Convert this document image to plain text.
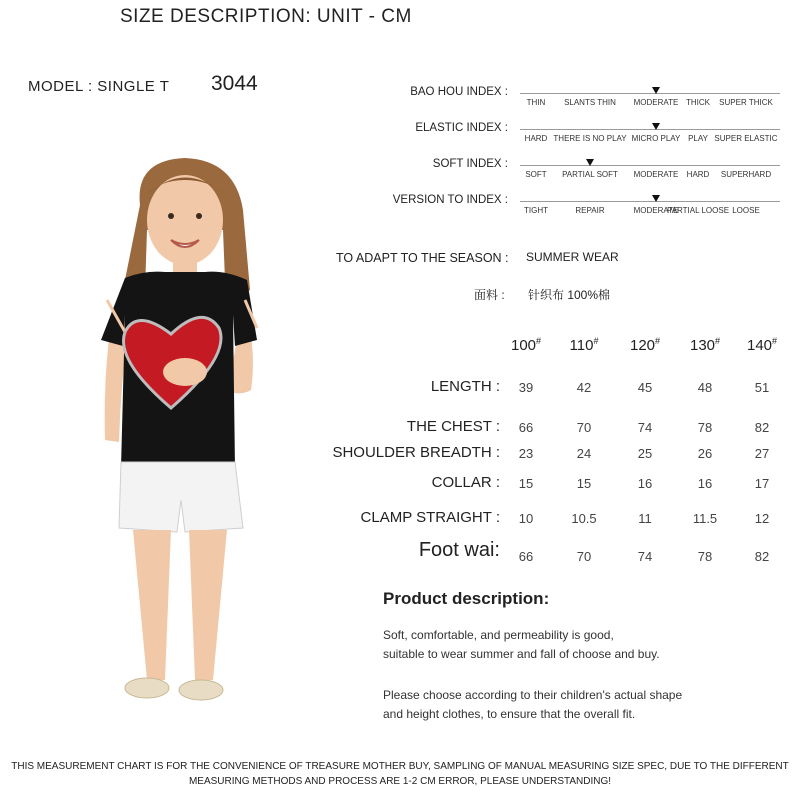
SIZE DESCRIPTION: UNIT - CM
MODEL : SINGLE T 3044	BAO HOU INDEX :
THIN SLANTS THIN MODERATE THICK SUPER THICK
ELASTIC INDEX :
HARD THERE IS NO PLAY MICRO PLAY PLAY SUPER ELASTIC
SOFT INDEX :
SOFT PARTIAL SOFT MODERATE HARD SUPERHARD
VERSION TO INDEX :
TIGHT	REPAIR	MODERATE
PARTIAL LOOSE LOOSE
TO ADAPT TO THE SEASON : SUMMER WEAR
面料 : 针织布 100%棉
100# 110# 120# 130# 140#
LENGTH : 39	42	45	48	51
THE CHEST : 66	70	74	78	82
SHOULDER BREADTH : 23	24	25	26	27
COLLAR : 15	15	16	16	17
CLAMP STRAIGHT : 10	10.5	11	11.5	12
Foot wai: 66	70	74	78	82
Product description:
Soft, comfortable, and permeability is good,
suitable to wear summer and fall of choose and buy.
Please choose according to their children's actual shape
and height clothes, to ensure that the overall fit.
THIS MEASUREMENT CHART IS FOR THE CONVENIENCE OF TREASURE MOTHER BUY, SAMPLING OF MANUAL MEASURING SIZE SPEC, DUE TO THE DIFFERENT MEASURING METHODS AND PROCESS ARE 1-2 CM ERROR, PLEASE UNDERSTANDING!
